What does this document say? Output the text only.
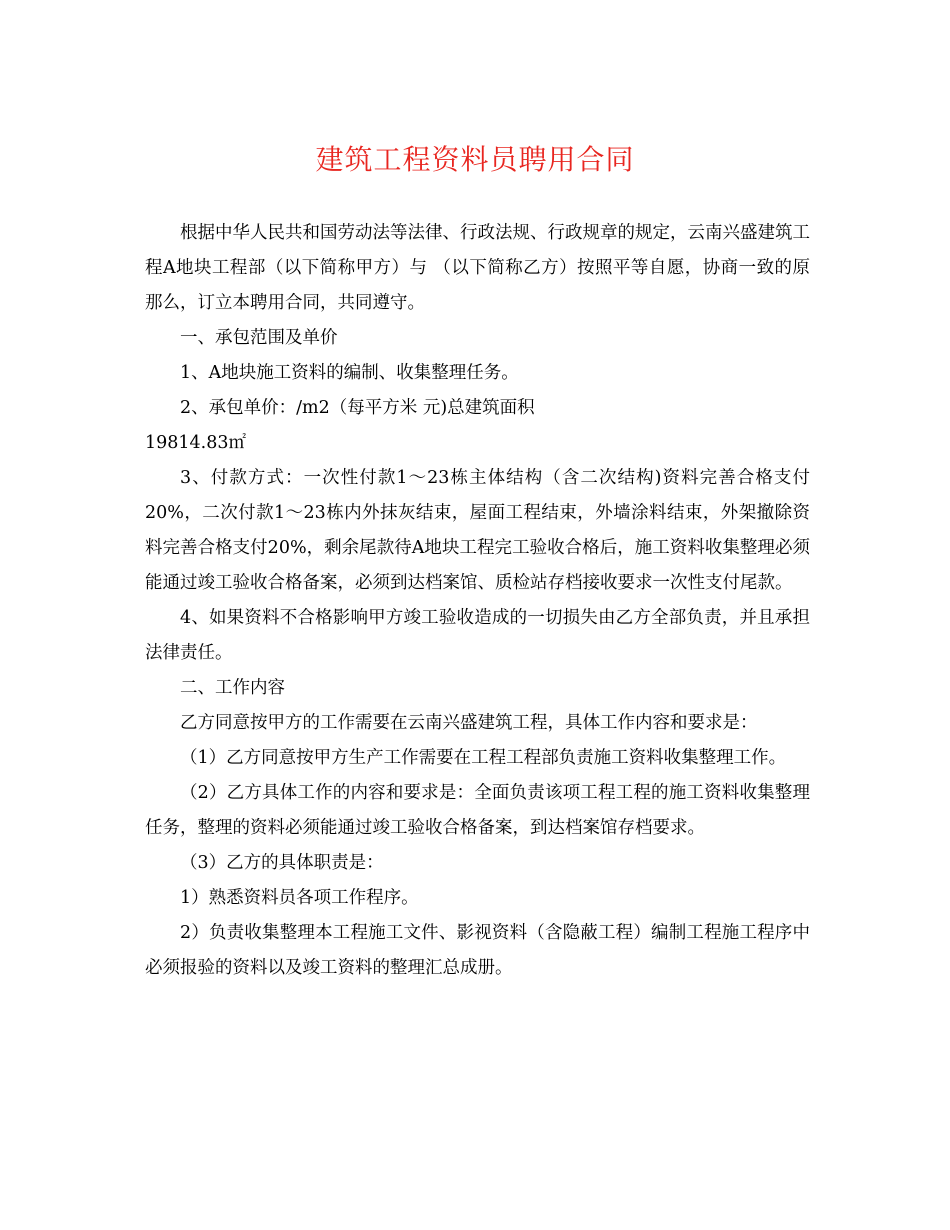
建筑工程资料员聘用合同

根据中华人民共和国劳动法等法律、行政法规、行政规章的规定，云南兴盛建筑工程A地块工程部（以下简称甲方）与 （以下简称乙方）按照平等自愿，协商一致的原那么，订立本聘用合同，共同遵守。

一、承包范围及单价

1、A地块施工资料的编制、收集整理任务。

2、承包单价：/m2（每平方米 元)总建筑面积

19814.83㎡

3、付款方式：一次性付款1～23栋主体结构（含二次结构)资料完善合格支付20%，二次付款1～23栋内外抹灰结束，屋面工程结束，外墙涂料结束，外架撤除资料完善合格支付20%，剩余尾款待A地块工程完工验收合格后，施工资料收集整理必须能通过竣工验收合格备案，必须到达档案馆、质检站存档接收要求一次性支付尾款。

4、如果资料不合格影响甲方竣工验收造成的一切损失由乙方全部负责，并且承担法律责任。

二、工作内容

乙方同意按甲方的工作需要在云南兴盛建筑工程，具体工作内容和要求是：

（1）乙方同意按甲方生产工作需要在工程工程部负责施工资料收集整理工作。

（2）乙方具体工作的内容和要求是：全面负责该项工程工程的施工资料收集整理任务，整理的资料必须能通过竣工验收合格备案，到达档案馆存档要求。

（3）乙方的具体职责是：

1）熟悉资料员各项工作程序。

2）负责收集整理本工程施工文件、影视资料（含隐蔽工程）编制工程施工程序中必须报验的资料以及竣工资料的整理汇总成册。
